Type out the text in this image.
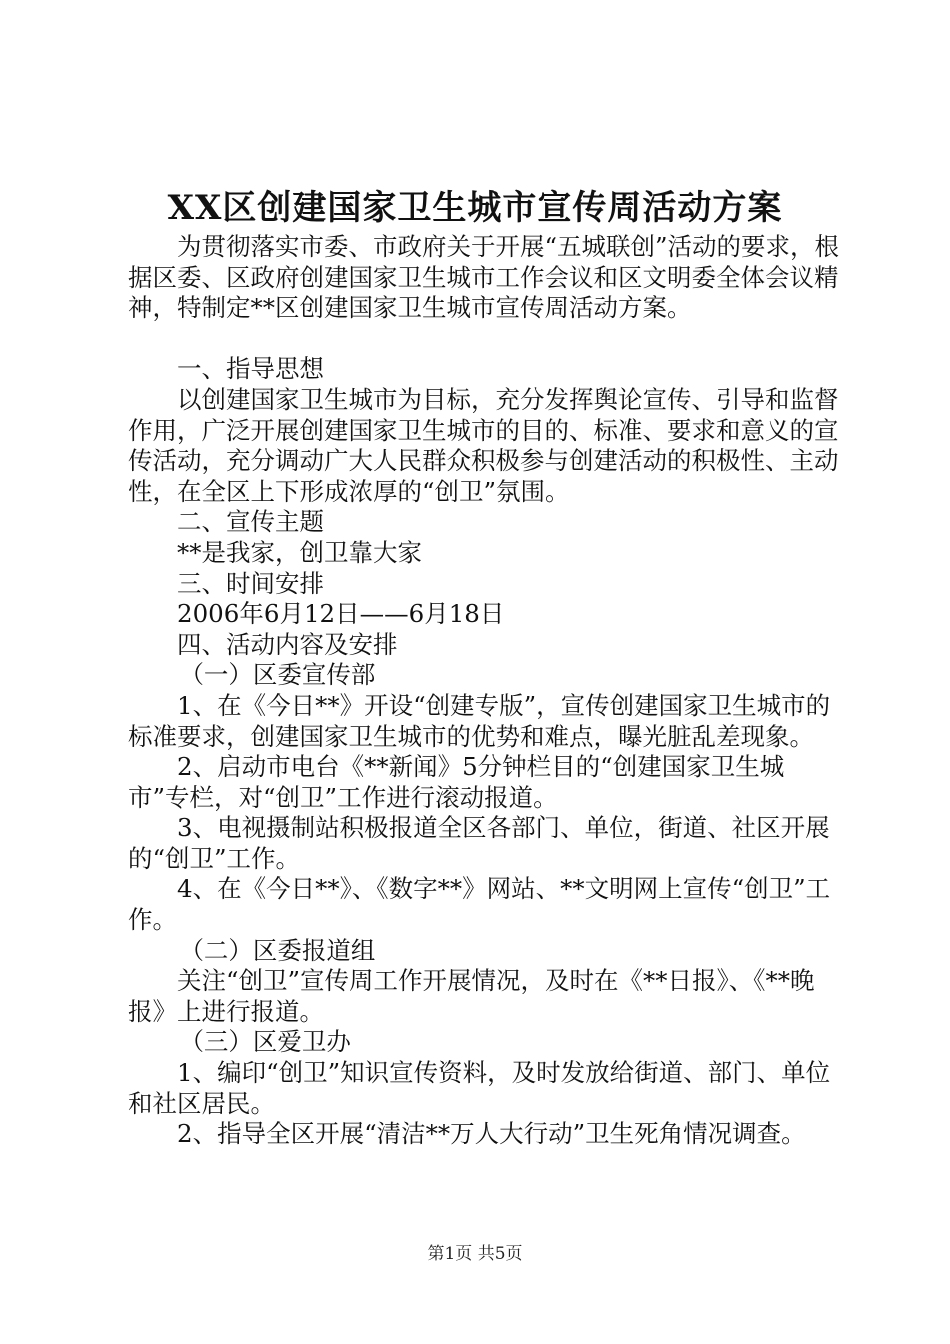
XX区创建国家卫生城市宣传周活动方案

为贯彻落实市委、市政府关于开展“五城联创”活动的要求，根据区委、区政府创建国家卫生城市工作会议和区文明委全体会议精神，特制定**区创建国家卫生城市宣传周活动方案。

一、指导思想

以创建国家卫生城市为目标，充分发挥舆论宣传、引导和监督作用，广泛开展创建国家卫生城市的目的、标准、要求和意义的宣传活动，充分调动广大人民群众积极参与创建活动的积极性、主动性，在全区上下形成浓厚的“创卫”氛围。

二、宣传主题

**是我家，创卫靠大家

三、时间安排

2006年6月12日——6月18日

四、活动内容及安排

（一）区委宣传部

1、在《今日**》开设“创建专版”，宣传创建国家卫生城市的标准要求，创建国家卫生城市的优势和难点，曝光脏乱差现象。

2、启动市电台《**新闻》5分钟栏目的“创建国家卫生城市”专栏，对“创卫”工作进行滚动报道。

3、电视摄制站积极报道全区各部门、单位，街道、社区开展的“创卫”工作。

4、在《今日**》、《数字**》网站、**文明网上宣传“创卫”工作。

（二）区委报道组

关注“创卫”宣传周工作开展情况，及时在《**日报》、《**晚报》上进行报道。

（三）区爱卫办

1、编印“创卫”知识宣传资料，及时发放给街道、部门、单位和社区居民。

2、指导全区开展“清洁**万人大行动”卫生死角情况调查。

第1页 共5页
